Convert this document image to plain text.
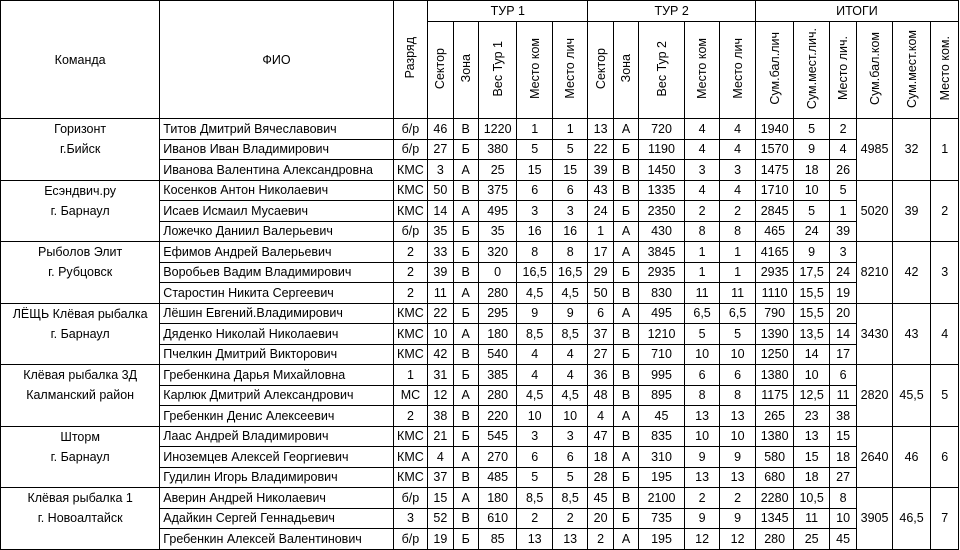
Команда	ФИО	Разряд	ТУР 1					ТУР 2					ИТОГИ					
			Сектор	Зона	Вес Тур 1	Место ком	Место лич	Сектор	Зона	Вес Тур 2	Место ком	Место лич	Сум.бал.лич	Сум.мест.лич.	Место лич.	Сум.бал.ком	Сум.мест.ком	Место ком.
Горизонт	Титов Дмитрий Вячеславович	б/р	46	В	1220	1	1	13	А	720	4	4	1940	5	2	4985	32	1
г.Бийск	Иванов Иван Владимирович	б/р	27	Б	380	5	5	22	Б	1190	4	4	1570	9	4			
	Иванова Валентина Александровна	КМС	3	А	25	15	15	39	В	1450	3	3	1475	18	26			
Есэндвич.ру	Косенков Антон Николаевич	КМС	50	В	375	6	6	43	В	1335	4	4	1710	10	5	5020	39	2
г. Барнаул	Исаев Исмаил Мусаевич	КМС	14	А	495	3	3	24	Б	2350	2	2	2845	5	1			
	Ложечко Даниил Валерьевич	б/р	35	Б	35	16	16	1	А	430	8	8	465	24	39			
Рыболов Элит	Ефимов Андрей Валерьевич	2	33	Б	320	8	8	17	А	3845	1	1	4165	9	3	8210	42	3
г. Рубцовск	Воробьев Вадим Владимирович	2	39	В	0	16,5	16,5	29	Б	2935	1	1	2935	17,5	24			
	Старостин Никита Сергеевич	2	11	А	280	4,5	4,5	50	В	830	11	11	1110	15,5	19			
ЛЁЩЬ Клёвая рыбалка	Лёшин Евгений.Владимирович	КМС	22	Б	295	9	9	6	А	495	6,5	6,5	790	15,5	20	3430	43	4
г. Барнаул	Дяденко Николай Николаевич	КМС	10	А	180	8,5	8,5	37	В	1210	5	5	1390	13,5	14			
	Пчелкин Дмитрий Викторович	КМС	42	В	540	4	4	27	Б	710	10	10	1250	14	17			
Клёвая рыбалка 3Д	Гребенкина Дарья Михайловна	1	31	Б	385	4	4	36	В	995	6	6	1380	10	6	2820	45,5	5
Калманский район	Карлюк Дмитрий Александрович	МС	12	А	280	4,5	4,5	48	В	895	8	8	1175	12,5	11			
	Гребенкин Денис Алексеевич	2	38	В	220	10	10	4	А	45	13	13	265	23	38			
Шторм	Лаас Андрей Владимирович	КМС	21	Б	545	3	3	47	В	835	10	10	1380	13	15	2640	46	6
г. Барнаул	Иноземцев Алексей Георгиевич	КМС	4	А	270	6	6	18	А	310	9	9	580	15	18			
	Гудилин Игорь Владимирович	КМС	37	В	485	5	5	28	Б	195	13	13	680	18	27			
Клёвая рыбалка 1	Аверин Андрей Николаевич	б/р	15	А	180	8,5	8,5	45	В	2100	2	2	2280	10,5	8	3905	46,5	7
г. Новоалтайск	Адайкин Сергей Геннадьевич	3	52	В	610	2	2	20	Б	735	9	9	1345	11	10			
	Гребенкин Алексей Валентинович	б/р	19	Б	85	13	13	2	А	195	12	12	280	25	45			
